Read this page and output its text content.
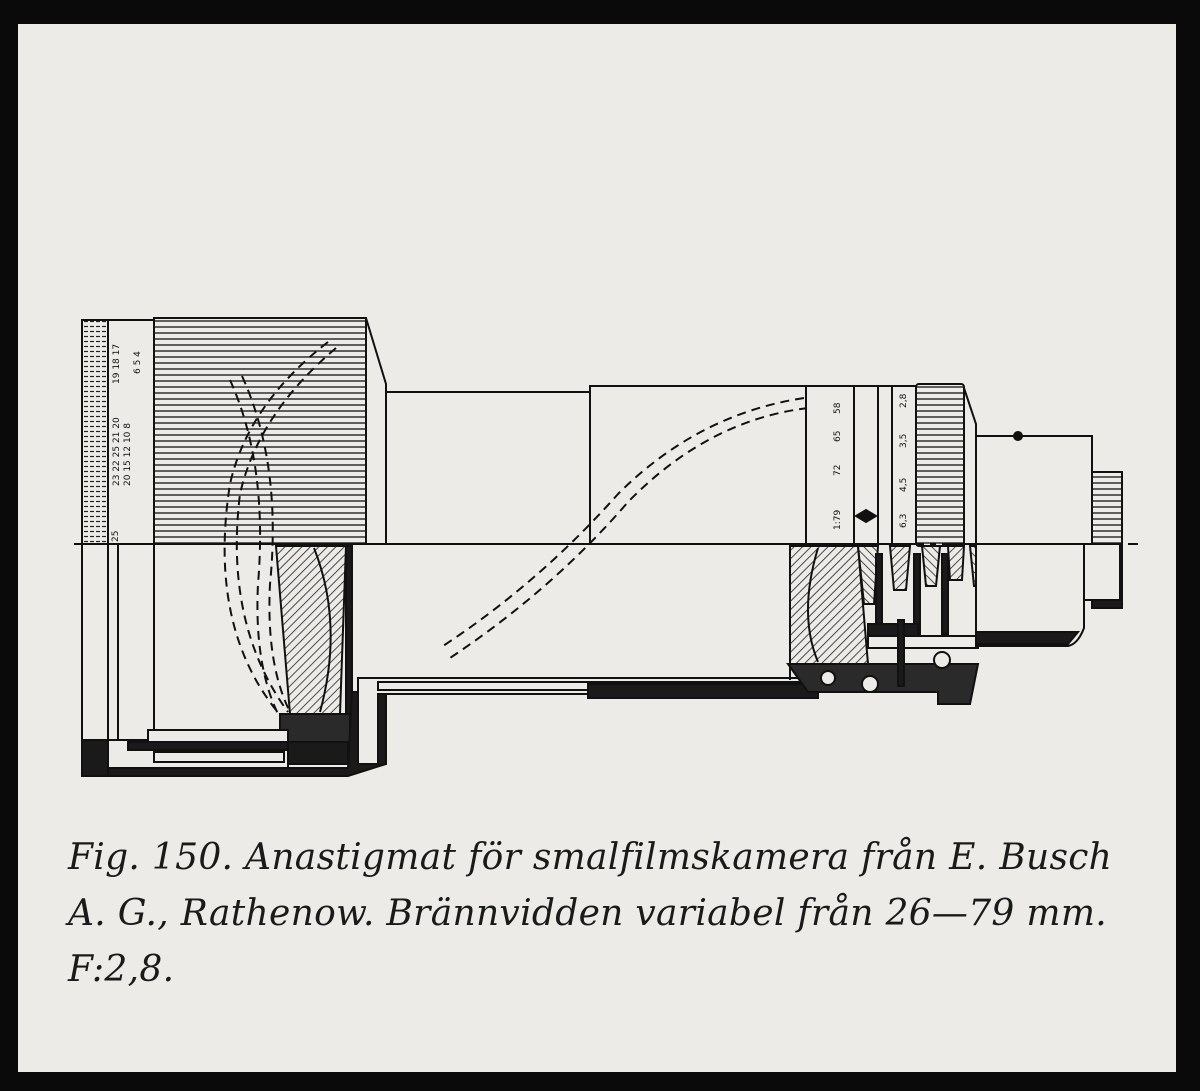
23 22 25 21 20 20 15 12 10 8
19 18 17 6 5 4
25
58
65
72
1:79
2,8
3,5
4,5
6,3
Fig. 150. Anastigmat för smalfilmskamera från E. Busch
A. G., Rathenow. Brännvidden variabel från 26—79 mm.
F:2,8.
